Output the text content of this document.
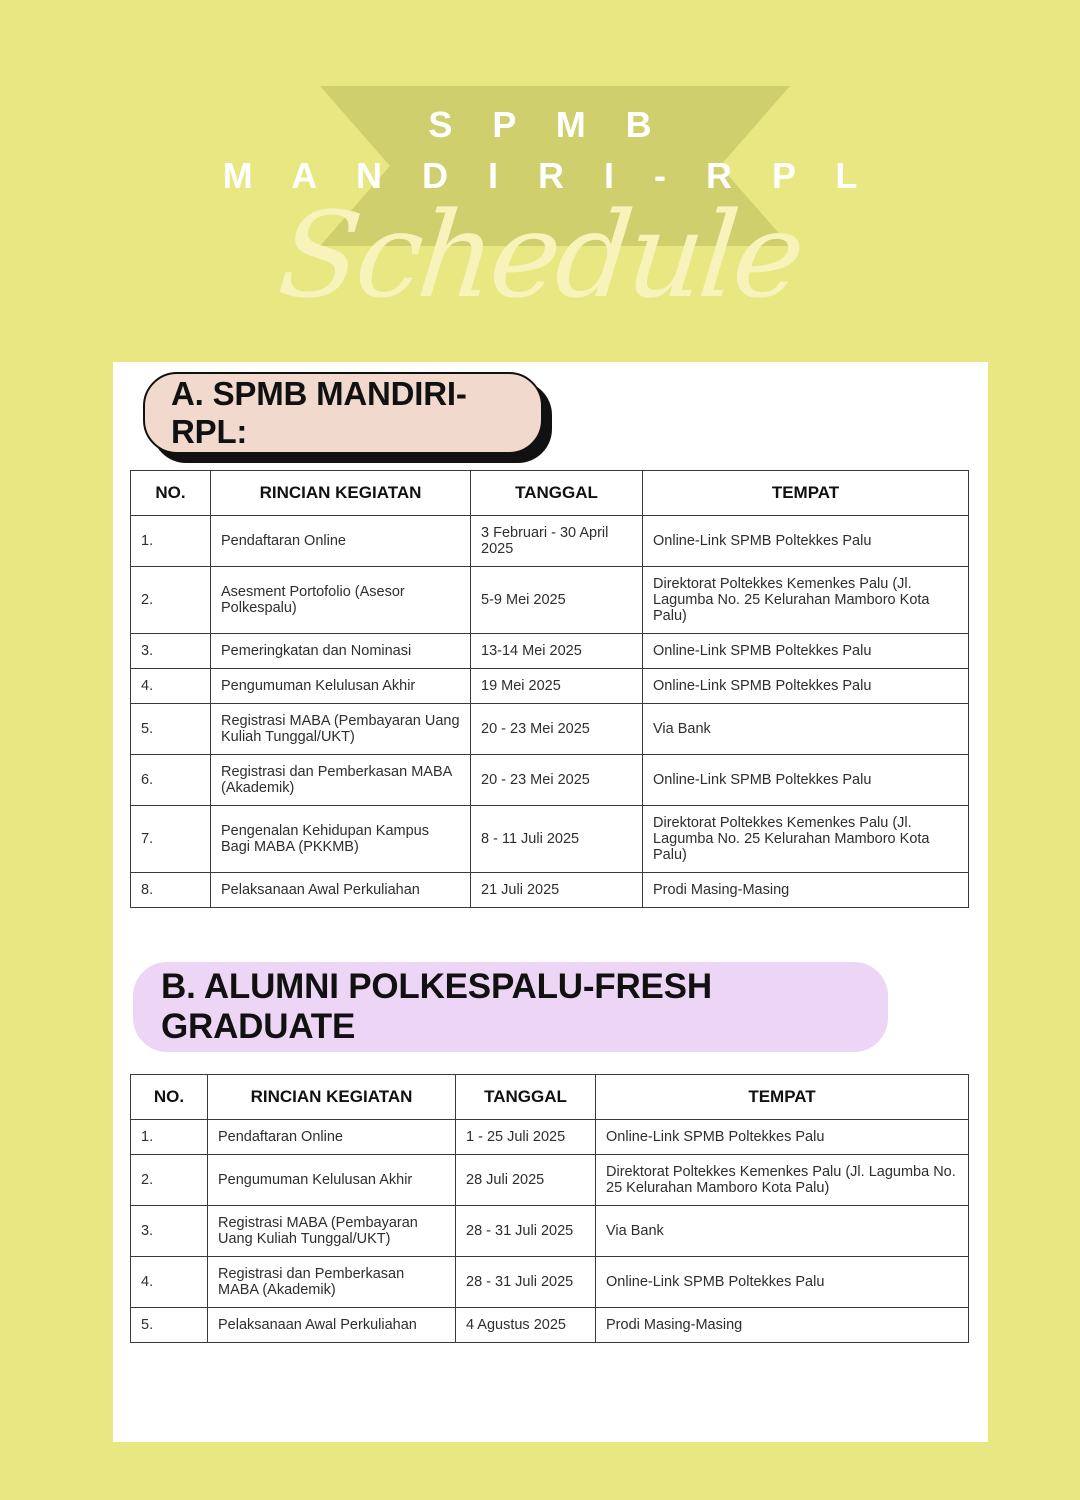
S P M B
M A N D I R I - R P L
Schedule
A. SPMB MANDIRI-RPL:
NO.	RINCIAN KEGIATAN	TANGGAL	TEMPAT
1.	Pendaftaran Online	3 Februari - 30 April 2025	Online-Link SPMB Poltekkes Palu
2.	Asesment Portofolio (Asesor Polkespalu)	5-9 Mei 2025	Direktorat Poltekkes Kemenkes Palu (Jl. Lagumba No. 25 Kelurahan Mamboro Kota Palu)
3.	Pemeringkatan dan Nominasi	13-14 Mei 2025	Online-Link SPMB Poltekkes Palu
4.	Pengumuman Kelulusan Akhir	19 Mei 2025	Online-Link SPMB Poltekkes Palu
5.	Registrasi MABA (Pembayaran Uang Kuliah Tunggal/UKT)	20 - 23 Mei 2025	Via Bank
6.	Registrasi dan Pemberkasan MABA (Akademik)	20 - 23 Mei 2025	Online-Link SPMB Poltekkes Palu
7.	Pengenalan Kehidupan Kampus Bagi MABA (PKKMB)	8 - 11 Juli 2025	Direktorat Poltekkes Kemenkes Palu (Jl. Lagumba No. 25 Kelurahan Mamboro Kota Palu)
8.	Pelaksanaan Awal Perkuliahan	21 Juli 2025	Prodi Masing-Masing
B. ALUMNI POLKESPALU-FRESH GRADUATE
NO.	RINCIAN KEGIATAN	TANGGAL	TEMPAT
1.	Pendaftaran Online	1 - 25 Juli 2025	Online-Link SPMB Poltekkes Palu
2.	Pengumuman Kelulusan Akhir	28 Juli 2025	Direktorat Poltekkes Kemenkes Palu (Jl. Lagumba No. 25 Kelurahan Mamboro Kota Palu)
3.	Registrasi MABA (Pembayaran Uang Kuliah Tunggal/UKT)	28 - 31 Juli 2025	Via Bank
4.	Registrasi dan Pemberkasan MABA (Akademik)	28 - 31 Juli 2025	Online-Link SPMB Poltekkes Palu
5.	Pelaksanaan Awal Perkuliahan	4 Agustus 2025	Prodi Masing-Masing
